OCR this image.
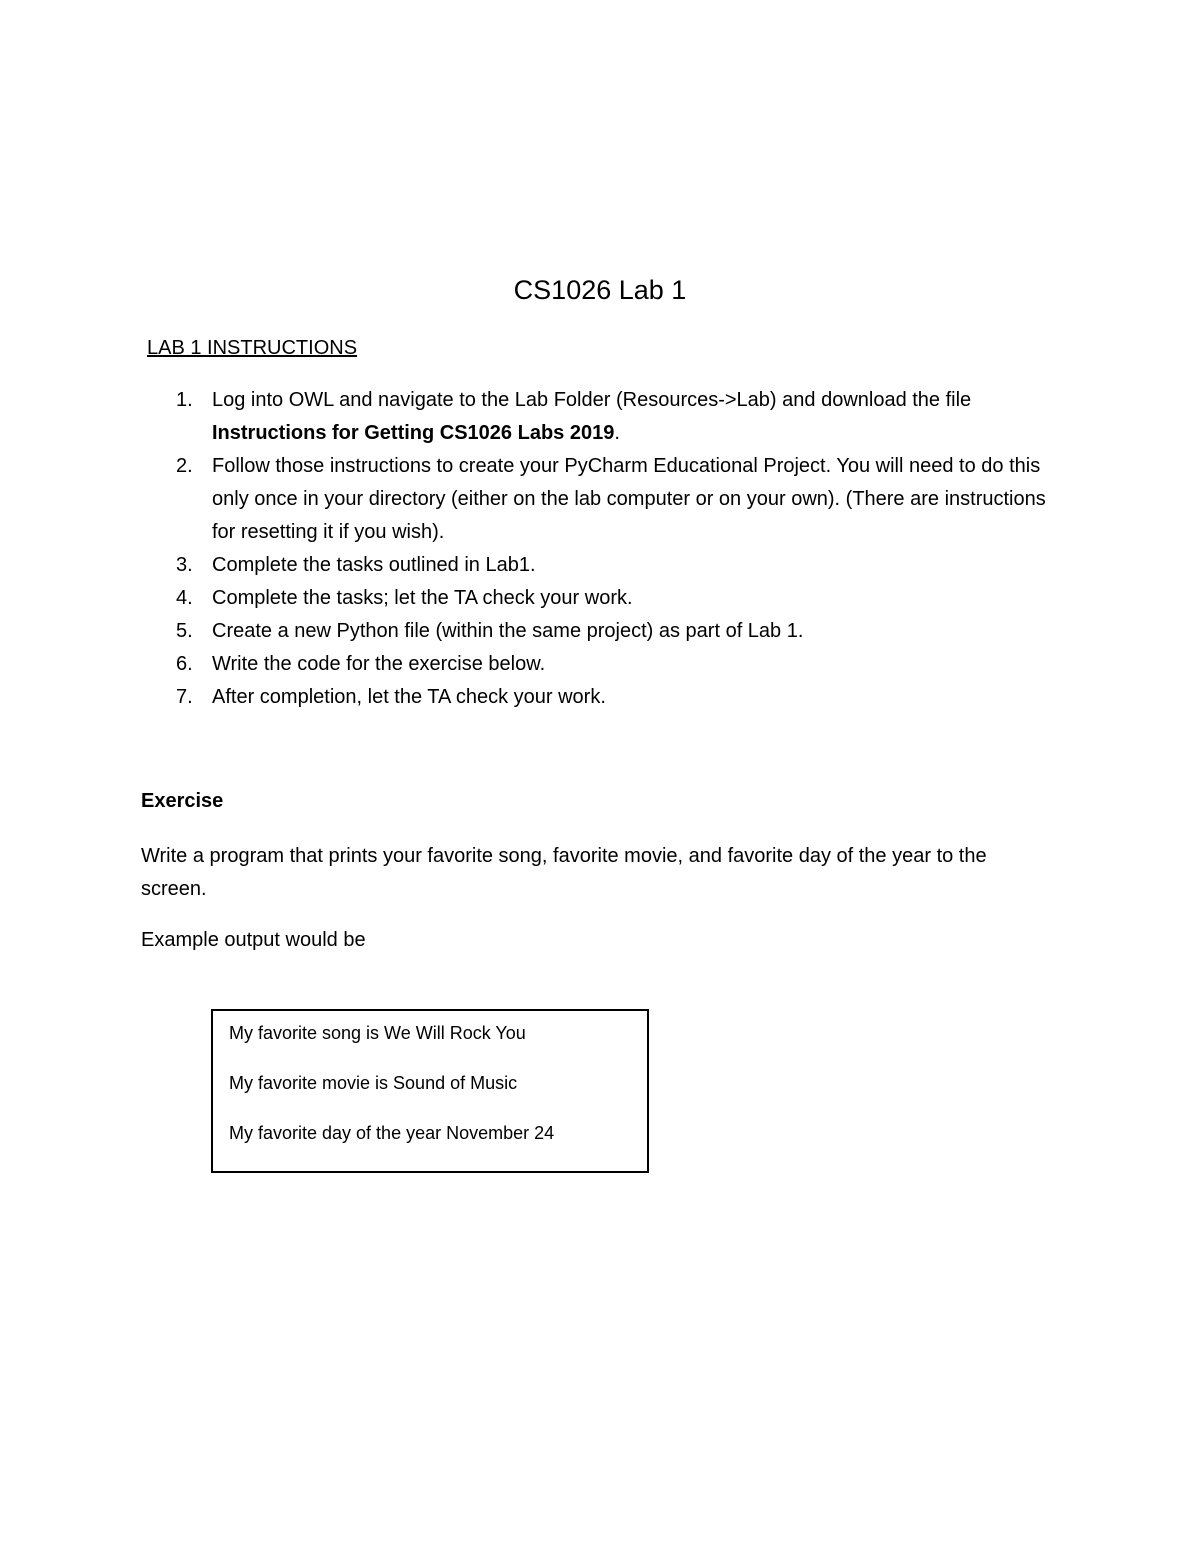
CS1026 Lab 1
LAB 1 INSTRUCTIONS
1. Log into OWL and navigate to the Lab Folder (Resources->Lab) and download the file Instructions for Getting CS1026 Labs 2019.
2. Follow those instructions to create your PyCharm Educational Project. You will need to do this only once in your directory (either on the lab computer or on your own). (There are instructions for resetting it if you wish).
3. Complete the tasks outlined in Lab1.
4. Complete the tasks; let the TA check your work.
5. Create a new Python file (within the same project) as part of Lab 1.
6. Write the code for the exercise below.
7. After completion, let the TA check your work.
Exercise

Write a program that prints your favorite song, favorite movie, and favorite day of the year to the screen.

Example output would be

My favorite song is We Will Rock You
My favorite movie is Sound of Music
My favorite day of the year November 24
